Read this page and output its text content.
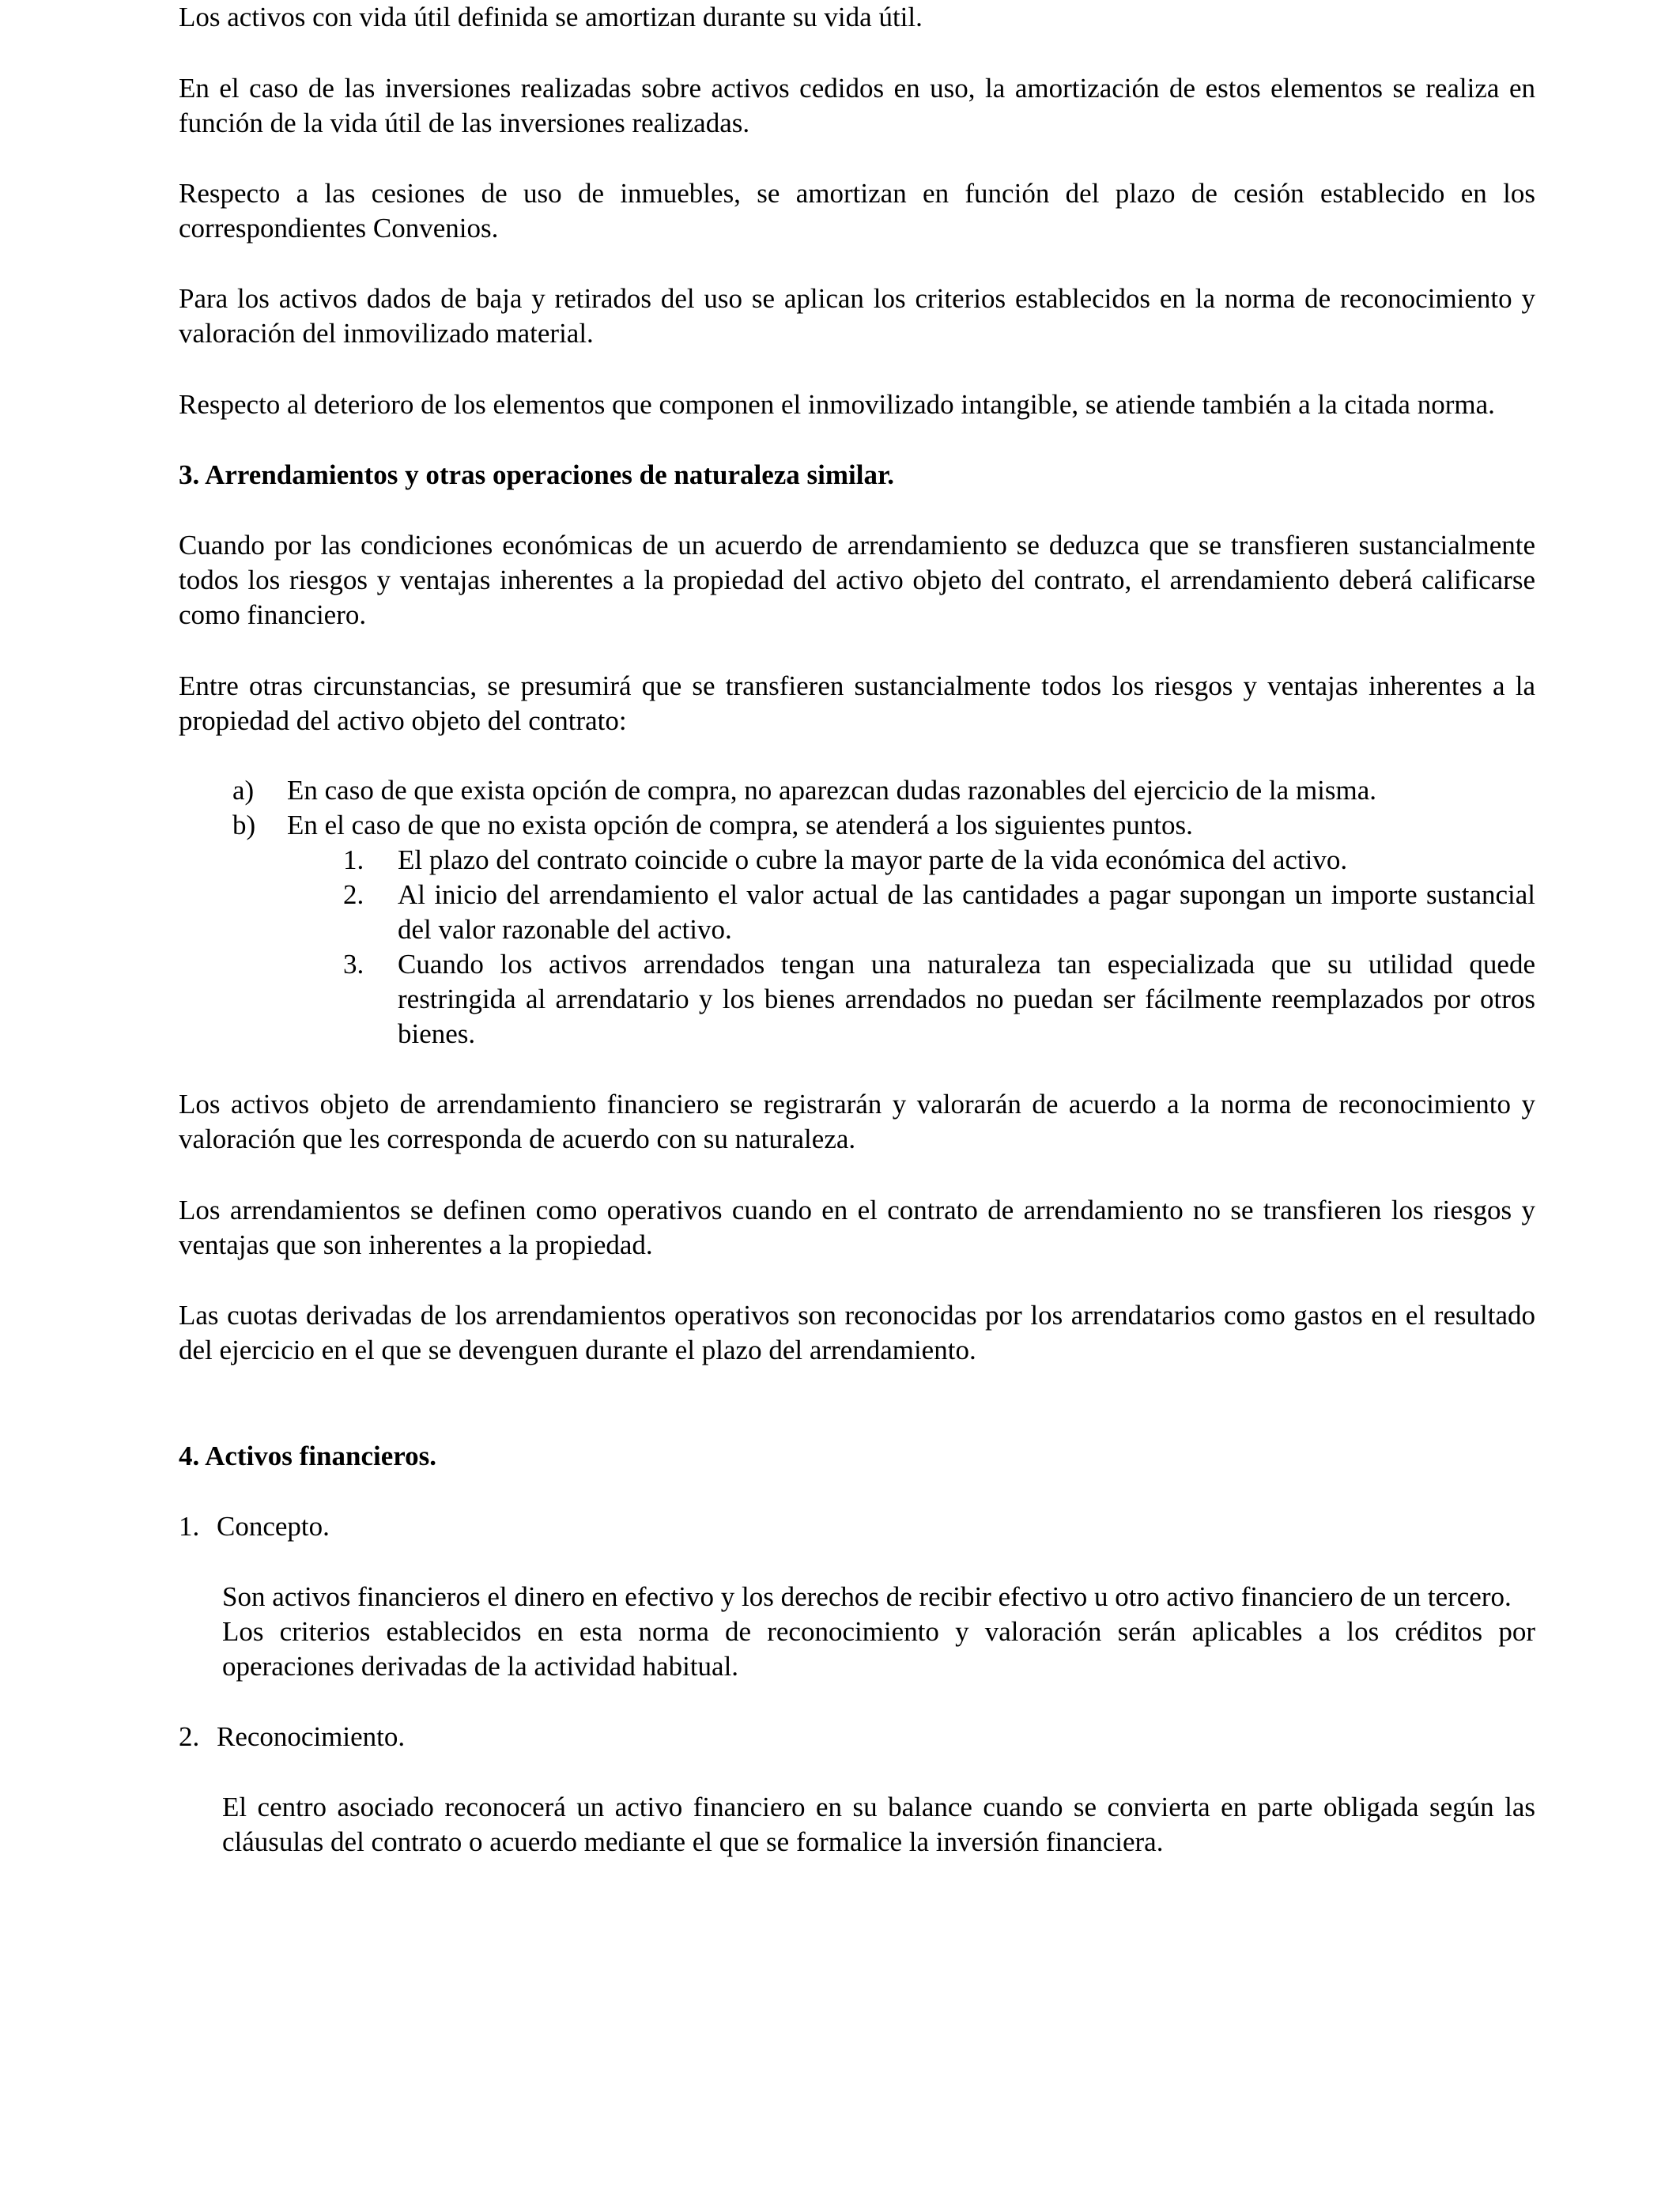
Los activos con vida útil definida se amortizan durante su vida útil.

En el caso de las inversiones realizadas sobre activos cedidos en uso, la amortización de estos elementos se realiza en función de la vida útil de las inversiones realizadas.

Respecto a las cesiones de uso de inmuebles, se amortizan en función del plazo de cesión establecido en los correspondientes Convenios.

Para los activos dados de baja y retirados del uso se aplican los criterios establecidos en la norma de reconocimiento y valoración del inmovilizado material.

Respecto al deterioro de los elementos que componen el inmovilizado intangible, se atiende también a la citada norma.

3. Arrendamientos y otras operaciones de naturaleza similar.

Cuando por las condiciones económicas de un acuerdo de arrendamiento se deduzca que se transfieren sustancialmente todos los riesgos y ventajas inherentes a la propiedad del activo objeto del contrato, el arrendamiento deberá calificarse como financiero.

Entre otras circunstancias, se presumirá que se transfieren sustancialmente todos los riesgos y ventajas inherentes a la propiedad del activo objeto del contrato:

a) En caso de que exista opción de compra, no aparezcan dudas razonables del ejercicio de la misma.

b) En el caso de que no exista opción de compra, se atenderá a los siguientes puntos.

1. El plazo del contrato coincide o cubre la mayor parte de la vida económica del activo.

2. Al inicio del arrendamiento el valor actual de las cantidades a pagar supongan un importe sustancial del valor razonable del activo.

3. Cuando los activos arrendados tengan una naturaleza tan especializada que su utilidad quede restringida al arrendatario y los bienes arrendados no puedan ser fácilmente reemplazados por otros bienes.

Los activos objeto de arrendamiento financiero se registrarán y valorarán de acuerdo a la norma de reconocimiento y valoración que les corresponda de acuerdo con su naturaleza.

Los arrendamientos se definen como operativos cuando en el contrato de arrendamiento no se transfieren los riesgos y ventajas que son inherentes a la propiedad.

Las cuotas derivadas de los arrendamientos operativos son reconocidas por los arrendatarios como gastos en el resultado del ejercicio en el que se devenguen durante el plazo del arrendamiento.

4. Activos financieros.

1. Concepto.

Son activos financieros el dinero en efectivo y los derechos de recibir efectivo u otro activo financiero de un tercero.

Los criterios establecidos en esta norma de reconocimiento y valoración serán aplicables a los créditos por operaciones derivadas de la actividad habitual.

2. Reconocimiento.

El centro asociado reconocerá un activo financiero en su balance cuando se convierta en parte obligada según las cláusulas del contrato o acuerdo mediante el que se formalice la inversión financiera.
